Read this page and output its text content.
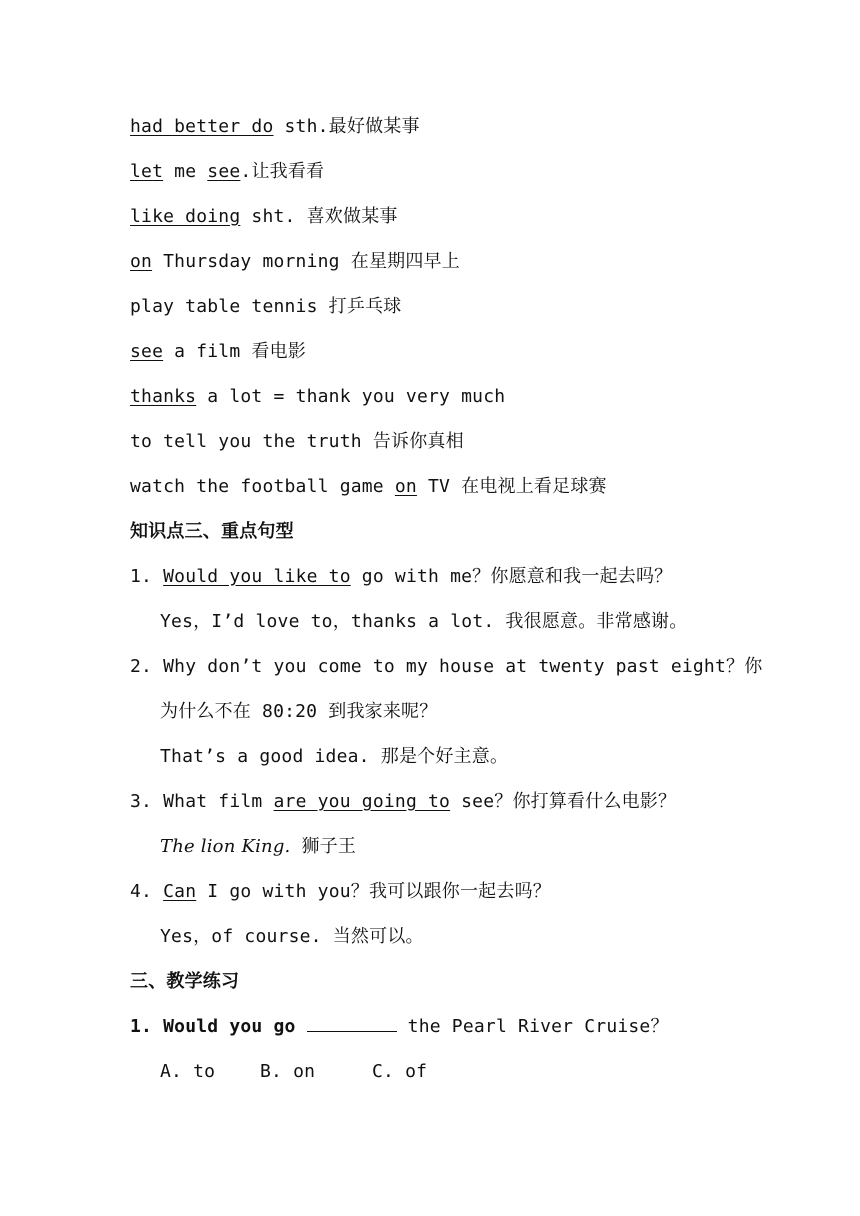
had better do sth.最好做某事
let me see.让我看看
like doing sht. 喜欢做某事
on Thursday morning 在星期四早上
play table tennis 打乒乓球
see a film 看电影
thanks a lot = thank you very much
to tell you the truth 告诉你真相
watch the football game on TV 在电视上看足球赛
知识点三、重点句型
1. Would you like to go with me？你愿意和我一起去吗？
Yes，I’d love to，thanks a lot. 我很愿意。非常感谢。
2. Why don’t you come to my house at twenty past eight？你
为什么不在 80:20 到我家来呢？
That’s a good idea. 那是个好主意。
3. What film are you going to see？你打算看什么电影？
The lion King. 狮子王
4. Can I go with you？我可以跟你一起去吗？
Yes，of course. 当然可以。
三、教学练习
1. Would you go	the Pearl River Cruise？
A. to B. on	C. of
